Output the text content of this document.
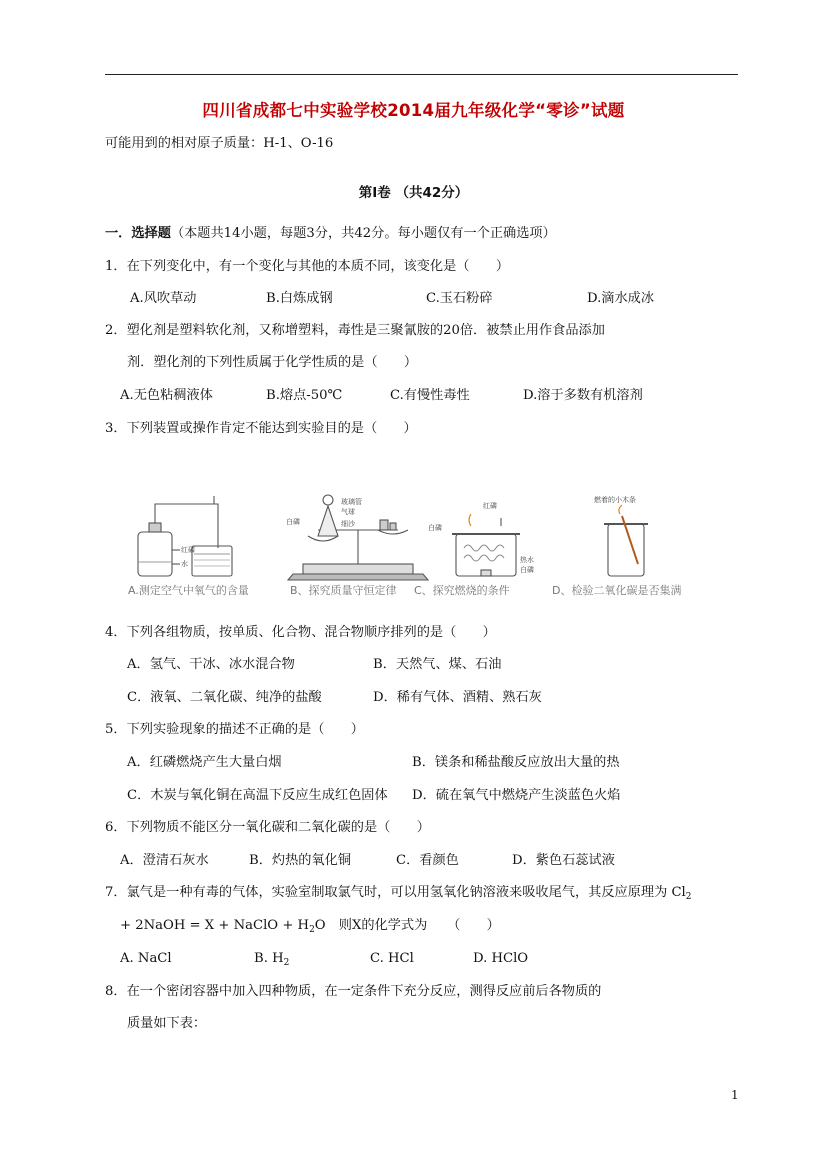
四川省成都七中实验学校2014届九年级化学“零诊”试题
可能用到的相对原子质量：H-1、O-16
第Ⅰ卷 （共42分）
一．选择题（本题共14小题，每题3分，共42分。每小题仅有一个正确选项）
1．在下列变化中，有一个变化与其他的本质不同，该变化是（　　）
A.风吹草动	B.白炼成钢	C.玉石粉碎	D.滴水成冰
2．塑化剂是塑料软化剂，又称增塑料，毒性是三聚氰胺的20倍．被禁止用作食品添加
剂．塑化剂的下列性质属于化学性质的是（　　）
A.无色粘稠液体	B.熔点-50℃	C.有慢性毒性	D.溶于多数有机溶剂
3．下列装置或操作肯定不能达到实验目的是（　　）
红磷
水
玻璃管
气球
白磷	细沙
红磷
白磷
热水
白磷
燃着的小木条
A.测定空气中氧气的含量	B、探究质量守恒定律 C、探究燃烧的条件	D、检验二氧化碳是否集满
4．下列各组物质，按单质、化合物、混合物顺序排列的是（　　）
A．氢气、干冰、冰水混合物	B．天然气、煤、石油
C．液氧、二氧化碳、纯净的盐酸	D．稀有气体、酒精、熟石灰
5．下列实验现象的描述不正确的是（　　）
A．红磷燃烧产生大量白烟	B．镁条和稀盐酸反应放出大量的热
C．木炭与氧化铜在高温下反应生成红色固体 D．硫在氧气中燃烧产生淡蓝色火焰
6．下列物质不能区分一氧化碳和二氧化碳的是（　　）
A．澄清石灰水	B．灼热的氧化铜	C．看颜色	D．紫色石蕊试液
7．氯气是一种有毒的气体，实验室制取氯气时，可以用氢氧化钠溶液来吸收尾气，其反应原理为 $Cl_2$
+ 2NaOH = X + NaClO + $H_2O$　则X的化学式为　　（　　）
A. NaCl	B. $H_2$	C. HCl	D. HClO
8．在一个密闭容器中加入四种物质，在一定条件下充分反应，测得反应前后各物质的
质量如下表：
1
